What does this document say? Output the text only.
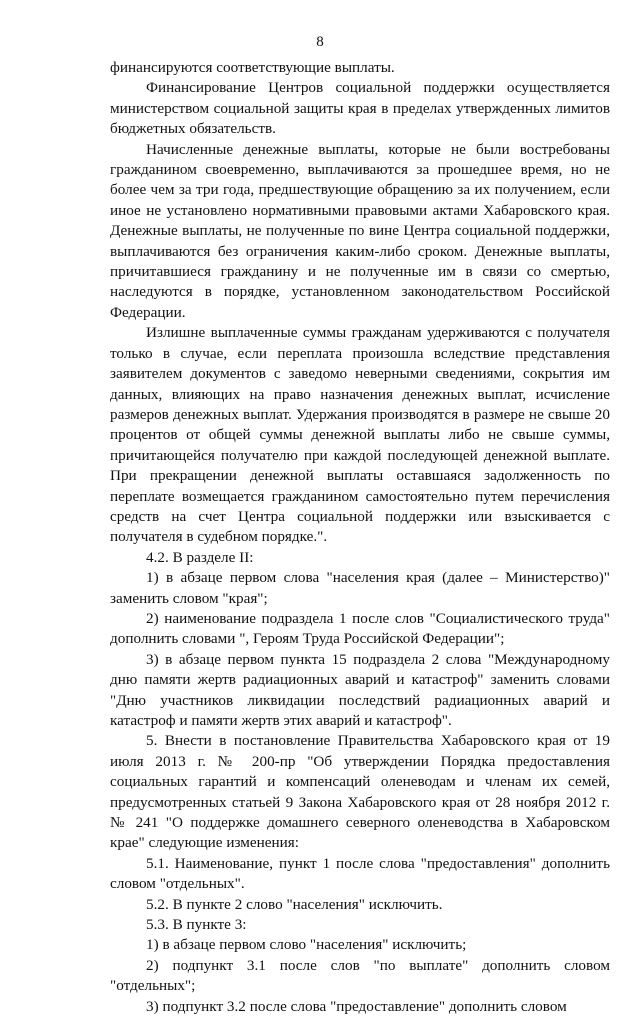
8

финансируются соответствующие выплаты.

Финансирование Центров социальной поддержки осуществляется министерством социальной защиты края в пределах утвержденных лимитов бюджетных обязательств.

Начисленные денежные выплаты, которые не были востребованы гражданином своевременно, выплачиваются за прошедшее время, но не более чем за три года, предшествующие обращению за их получением, если иное не установлено нормативными правовыми актами Хабаровского края. Денежные выплаты, не полученные по вине Центра социальной поддержки, выплачиваются без ограничения каким-либо сроком. Денежные выплаты, причитавшиеся гражданину и не полученные им в связи со смертью, наследуются в порядке, установленном законодательством Российской Федерации.

Излишне выплаченные суммы гражданам удерживаются с получателя только в случае, если переплата произошла вследствие представления заявителем документов с заведомо неверными сведениями, сокрытия им данных, влияющих на право назначения денежных выплат, исчисление размеров денежных выплат. Удержания производятся в размере не свыше 20 процентов от общей суммы денежной выплаты либо не свыше суммы, причитающейся получателю при каждой последующей денежной выплате. При прекращении денежной выплаты оставшаяся задолженность по переплате возмещается гражданином самостоятельно путем перечисления средств на счет Центра социальной поддержки или взыскивается с получателя в судебном порядке.".

4.2. В разделе II:

1) в абзаце первом слова "населения края (далее – Министерство)" заменить словом "края";

2) наименование подраздела 1 после слов "Социалистического труда" дополнить словами ", Героям Труда Российской Федерации";

3) в абзаце первом пункта 15 подраздела 2 слова "Международному дню памяти жертв радиационных аварий и катастроф" заменить словами "Дню участников ликвидации последствий радиационных аварий и катастроф и памяти жертв этих аварий и катастроф".

5. Внести в постановление Правительства Хабаровского края от 19 июля 2013 г. № 200-пр "Об утверждении Порядка предоставления социальных гарантий и компенсаций оленеводам и членам их семей, предусмотренных статьей 9 Закона Хабаровского края от 28 ноября 2012 г. № 241 "О поддержке домашнего северного оленеводства в Хабаровском крае" следующие изменения:

5.1. Наименование, пункт 1 после слова "предоставления" дополнить словом "отдельных".

5.2. В пункте 2 слово "населения" исключить.

5.3. В пункте 3:

1) в абзаце первом слово "населения" исключить;

2) подпункт 3.1 после слов "по выплате" дополнить словом "отдельных";

3) подпункт 3.2 после слова "предоставление" дополнить словом
